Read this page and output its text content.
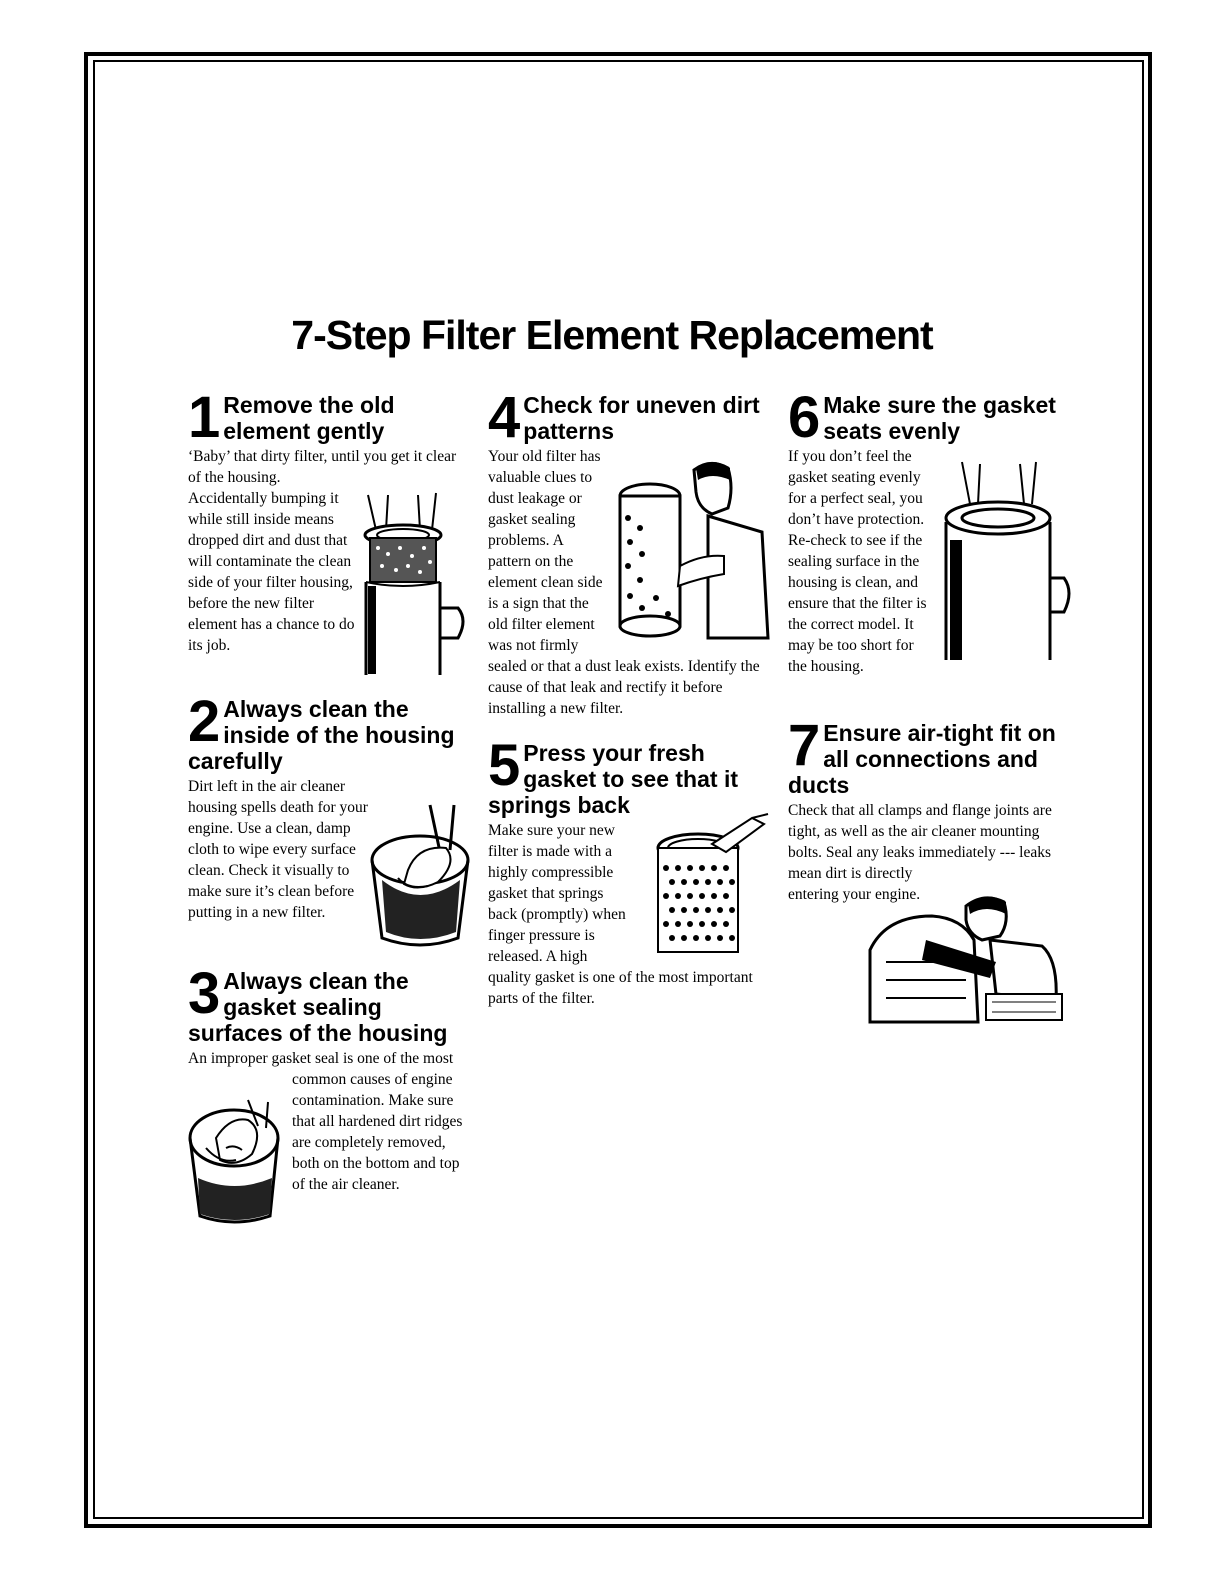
7-Step Filter Element Replacement
1 Remove the old element gently
‘Baby’ that dirty filter, until you get it clear of the housing. Accidentally bumping it while still inside means dropped dirt and dust that will contaminate the clean side of your filter housing, before the new filter element has a chance to do its job.
2 Always clean the inside of the housing carefully
Dirt left in the air cleaner housing spells death for your engine. Use a clean, damp cloth to wipe every surface clean. Check it visually to make sure it’s clean before putting in a new filter.
3 Always clean the gasket sealing surfaces of the housing
An improper gasket seal is one of the most common causes of engine contamination. Make sure that all hardened dirt ridges are completely removed, both on the bottom and top of the air cleaner.
4 Check for uneven dirt patterns
Your old filter has valuable clues to dust leakage or gasket sealing problems. A pattern on the element clean side is a sign that the old filter element was not firmly sealed or that a dust leak exists. Identify the cause of that leak and rectify it before installing a new filter.
5 Press your fresh gasket to see that it springs back
Make sure your new filter is made with a highly compressible gasket that springs back (promptly) when finger pressure is released. A high quality gasket is one of the most important parts of the filter.
6 Make sure the gasket seats evenly
If you don’t feel the gasket seating evenly for a perfect seal, you don’t have protection. Re-check to see if the sealing surface in the housing is clean, and ensure that the filter is the correct model. It may be too short for the housing.
7 Ensure air-tight fit on all connections and ducts
Check that all clamps and flange joints are tight, as well as the air cleaner mounting bolts. Seal any leaks immediately --- leaks mean dirt is directly entering your engine.
